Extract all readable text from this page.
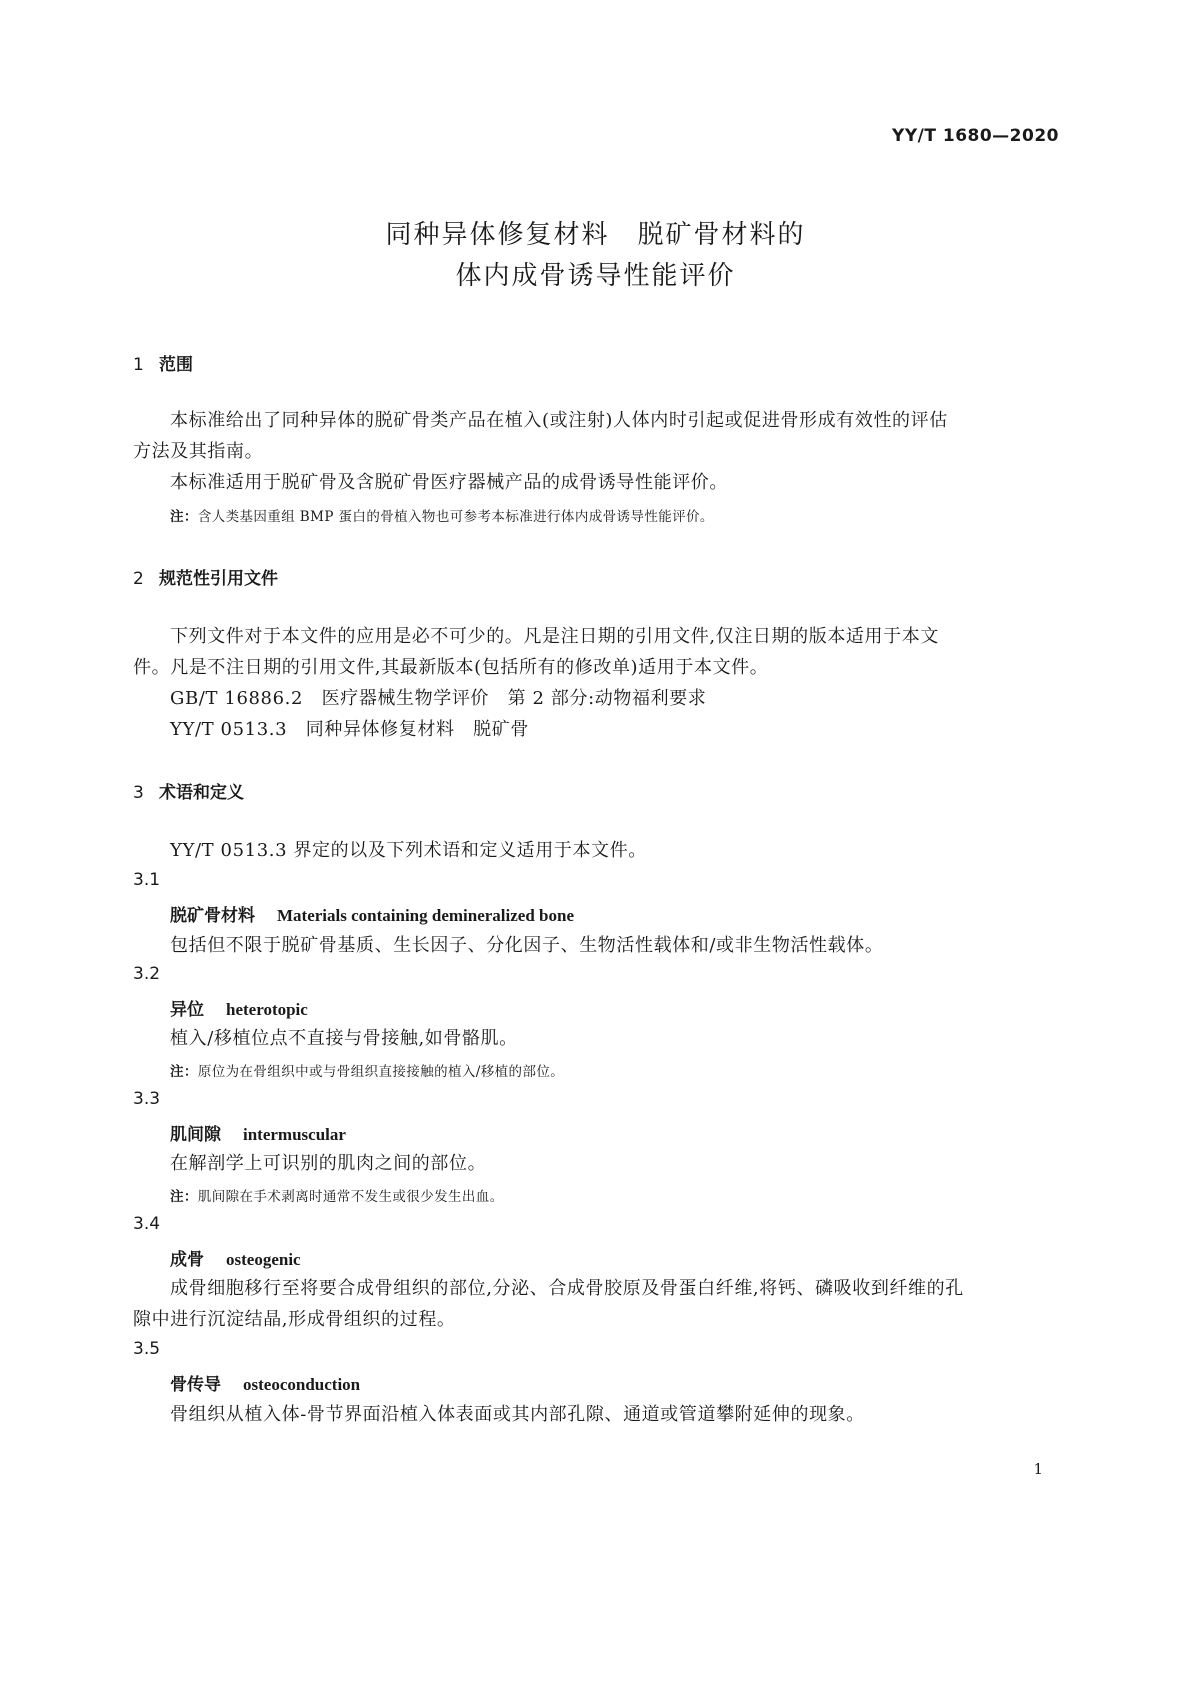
YY/T 1680—2020
同种异体修复材料　脱矿骨材料的
体内成骨诱导性能评价
1 范围
本标准给出了同种异体的脱矿骨类产品在植入(或注射)人体内时引起或促进骨形成有效性的评估
方法及其指南。
本标准适用于脱矿骨及含脱矿骨医疗器械产品的成骨诱导性能评价。
注：含人类基因重组 BMP 蛋白的骨植入物也可参考本标准进行体内成骨诱导性能评价。
2 规范性引用文件
下列文件对于本文件的应用是必不可少的。凡是注日期的引用文件,仅注日期的版本适用于本文
件。凡是不注日期的引用文件,其最新版本(包括所有的修改单)适用于本文件。
GB/T 16886.2　医疗器械生物学评价　第 2 部分:动物福利要求
YY/T 0513.3　同种异体修复材料　脱矿骨
3 术语和定义
YY/T 0513.3 界定的以及下列术语和定义适用于本文件。
3.1
脱矿骨材料 Materials containing demineralized bone
包括但不限于脱矿骨基质、生长因子、分化因子、生物活性载体和/或非生物活性载体。
3.2
异位 heterotopic
植入/移植位点不直接与骨接触,如骨骼肌。
注：原位为在骨组织中或与骨组织直接接触的植入/移植的部位。
3.3
肌间隙 intermuscular
在解剖学上可识别的肌肉之间的部位。
注：肌间隙在手术剥离时通常不发生或很少发生出血。
3.4
成骨 osteogenic
成骨细胞移行至将要合成骨组织的部位,分泌、合成骨胶原及骨蛋白纤维,将钙、磷吸收到纤维的孔
隙中进行沉淀结晶,形成骨组织的过程。
3.5
骨传导 osteoconduction
骨组织从植入体-骨节界面沿植入体表面或其内部孔隙、通道或管道攀附延伸的现象。
1
